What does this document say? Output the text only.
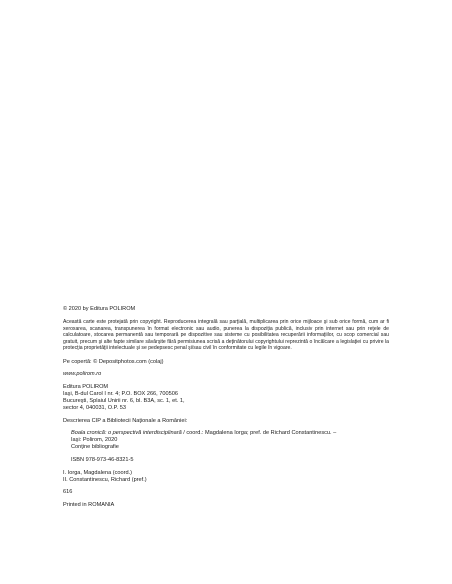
© 2020 by Editura POLIROM

Această carte este protejată prin copyright. Reproducerea integrală sau parţială, multiplicarea prin orice mijloace şi sub orice formă, cum ar fi xeroxarea, scanarea, transpunerea în format electronic sau audio, punerea la dispoziţia publică, inclusiv prin internet sau prin reţele de calculatoare, stocarea permanentă sau temporară pe dispozitive sau sisteme cu posibilitatea recuperării informaţiilor, cu scop comercial sau gratuit, precum şi alte fapte similare săvârşite fără permisiunea scrisă a deţinătorului copyrightului reprezintă o încălcare a legislaţiei cu privire la protecţia proprietăţii intelectuale şi se pedepsesc penal şi/sau civil în conformitate cu legile în vigoare.

Pe copertă: © Depositphotos.com (colaj)

www.polirom.ro

Editura POLIROM
Iaşi, B-dul Carol I nr. 4; P.O. BOX 266, 700506
Bucureşti, Splaiul Unirii nr. 6, bl. B3A, sc. 1, et. 1,
sector 4, 040031, O.P. 53

Descrierea CIP a Bibliotecii Naţionale a României:

Boala cronică: o perspectivă interdisciplinară / coord.: Magdalena Iorga; pref. de Richard Constantinescu. –
Iaşi: Polirom, 2020
Conţine bibliografie

ISBN 978-973-46-8321-5

I. Iorga, Magdalena (coord.)
II. Constantinescu, Richard (pref.)

616

Printed in ROMANIA
